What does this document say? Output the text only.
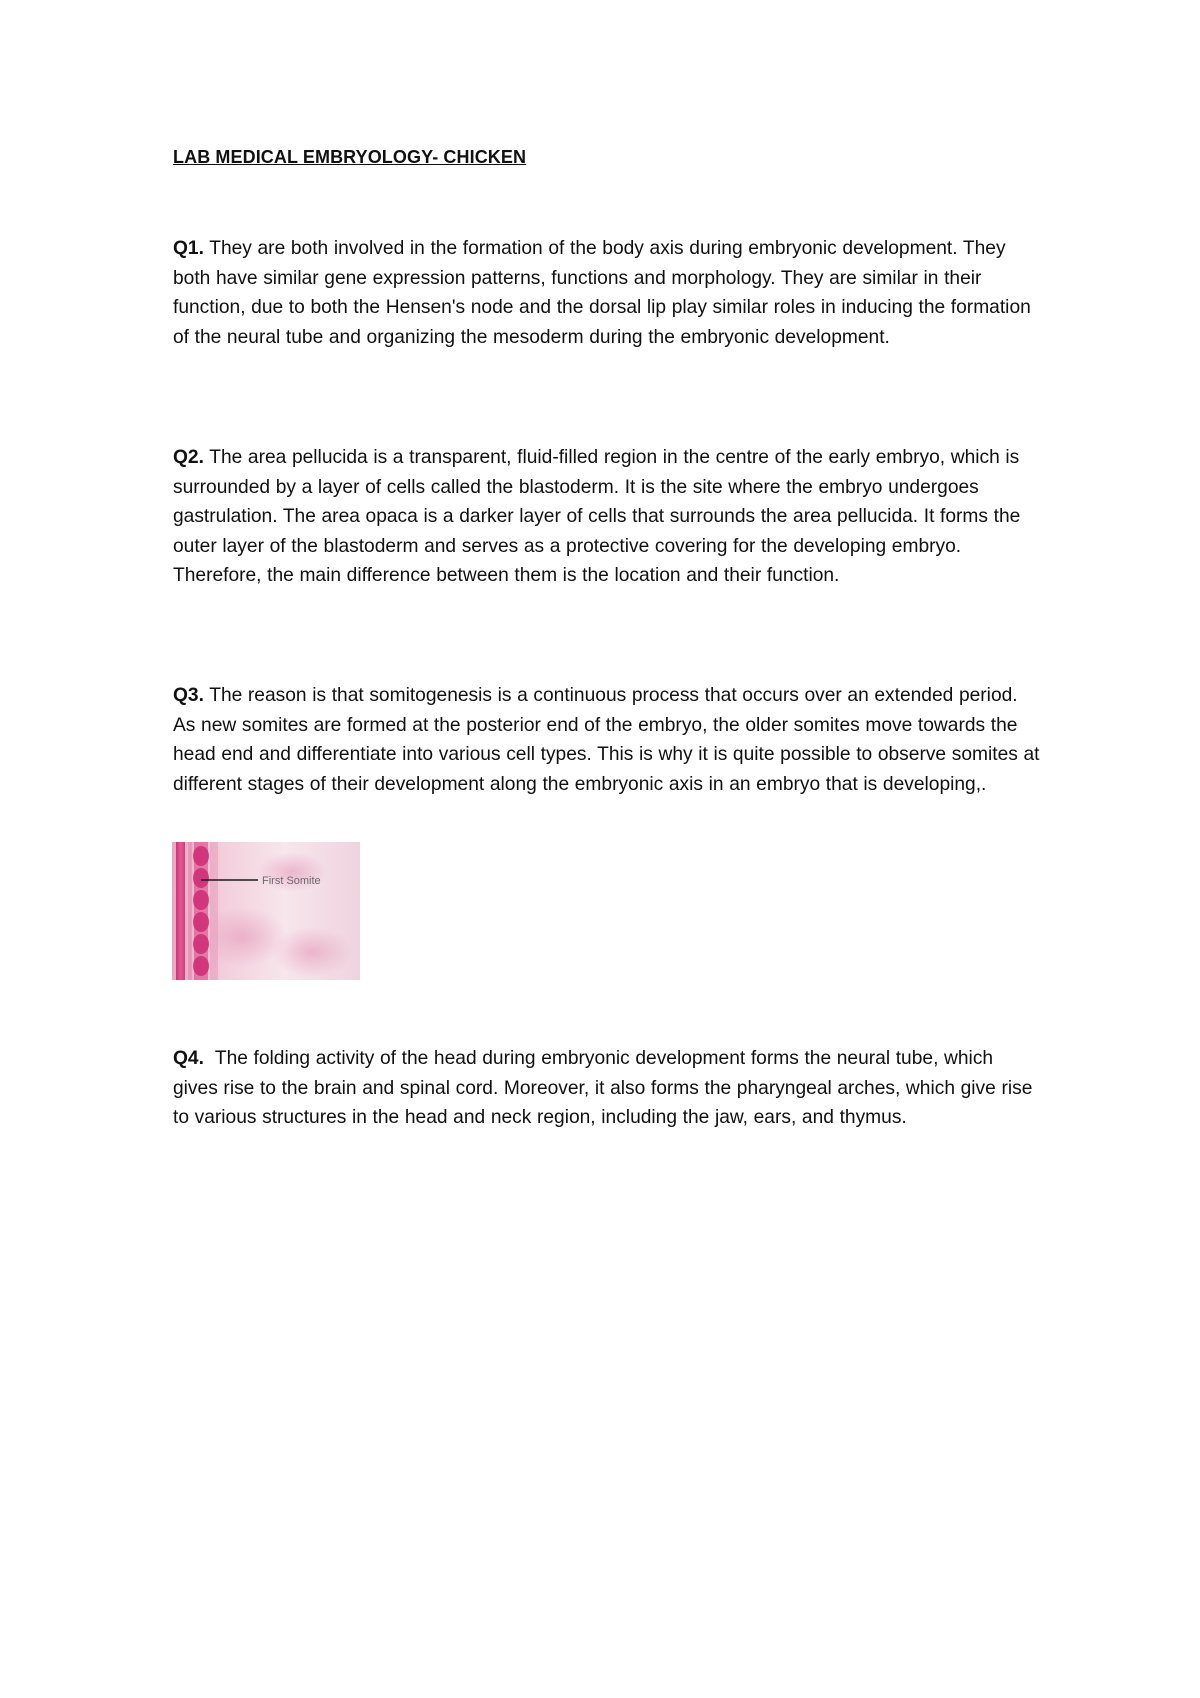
LAB MEDICAL EMBRYOLOGY- CHICKEN

Q1. They are both involved in the formation of the body axis during embryonic development. They both have similar gene expression patterns, functions and morphology. They are similar in their function, due to both the Hensen's node and the dorsal lip play similar roles in inducing the formation of the neural tube and organizing the mesoderm during the embryonic development.

Q2. The area pellucida is a transparent, fluid-filled region in the centre of the early embryo, which is surrounded by a layer of cells called the blastoderm. It is the site where the embryo undergoes gastrulation. The area opaca is a darker layer of cells that surrounds the area pellucida. It forms the outer layer of the blastoderm and serves as a protective covering for the developing embryo. Therefore, the main difference between them is the location and their function.

Q3. The reason is that somitogenesis is a continuous process that occurs over an extended period. As new somites are formed at the posterior end of the embryo, the older somites move towards the head end and differentiate into various cell types. This is why it is quite possible to observe somites at different stages of their development along the embryonic axis in an embryo that is developing,.

First Somite

Q4.  The folding activity of the head during embryonic development forms the neural tube, which gives rise to the brain and spinal cord. Moreover, it also forms the pharyngeal arches, which give rise to various structures in the head and neck region, including the jaw, ears, and thymus.
